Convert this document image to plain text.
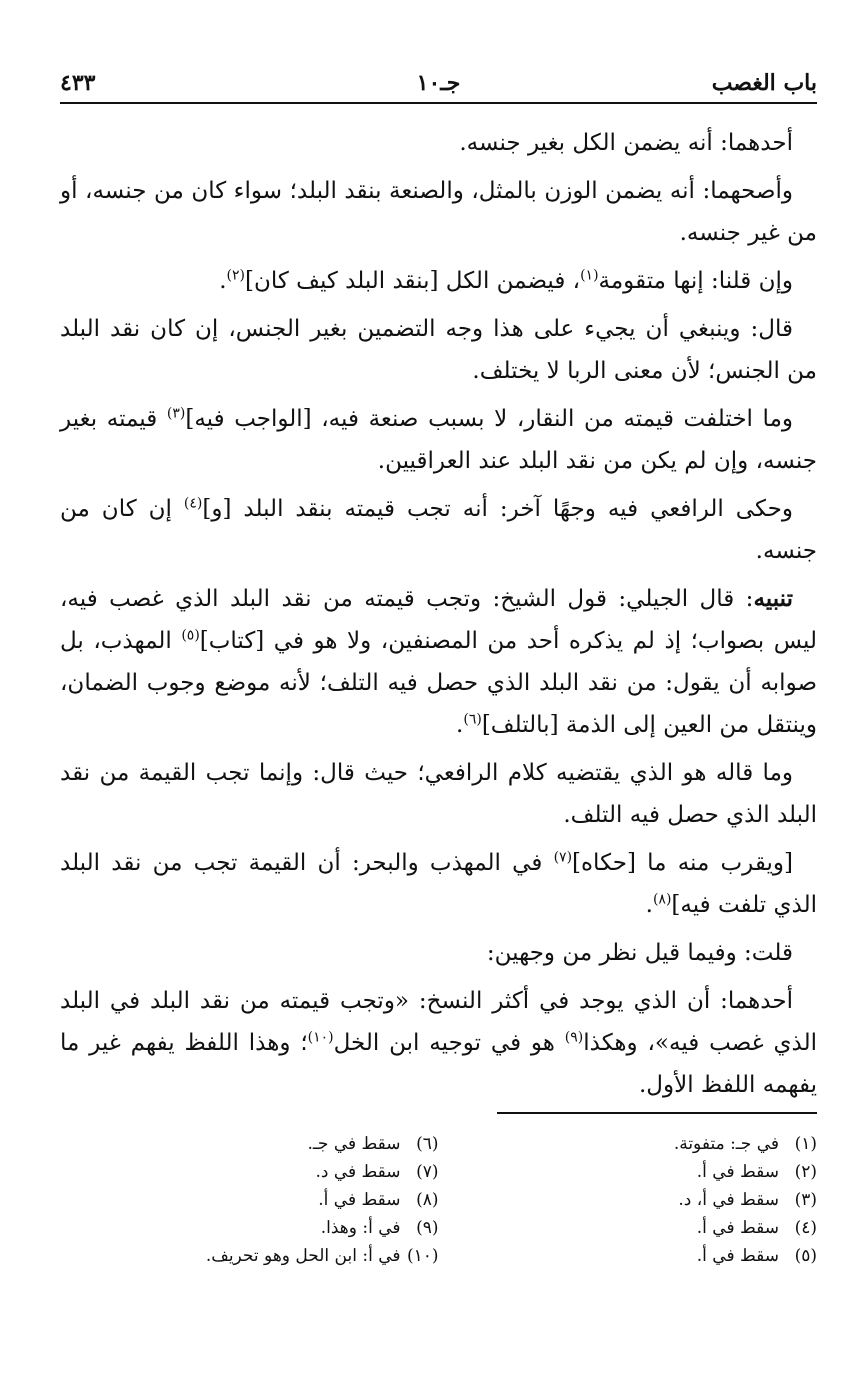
باب الغصب
جـ١٠
٤٣٣

أحدهما: أنه يضمن الكل بغير جنسه.

وأصحهما: أنه يضمن الوزن بالمثل، والصنعة بنقد البلد؛ سواء كان من جنسه، أو من غير جنسه.

وإن قلنا: إنها متقومة$^{(١)}$، فيضمن الكل [بنقد البلد كيف كان]$^{(٢)}$.

قال: وينبغي أن يجيء على هذا وجه التضمين بغير الجنس، إن كان نقد البلد من الجنس؛ لأن معنى الربا لا يختلف.

وما اختلفت قيمته من النقار، لا بسبب صنعة فيه، [الواجب فيه]$^{(٣)}$ قيمته بغير جنسه، وإن لم يكن من نقد البلد عند العراقيين.

وحكى الرافعي فيه وجهًا آخر: أنه تجب قيمته بنقد البلد [و]$^{(٤)}$ إن كان من جنسه.

تنبيه: قال الجيلي: قول الشيخ: وتجب قيمته من نقد البلد الذي غصب فيه، ليس بصواب؛ إذ لم يذكره أحد من المصنفين، ولا هو في [كتاب]$^{(٥)}$ المهذب، بل صوابه أن يقول: من نقد البلد الذي حصل فيه التلف؛ لأنه موضع وجوب الضمان، وينتقل من العين إلى الذمة [بالتلف]$^{(٦)}$.

وما قاله هو الذي يقتضيه كلام الرافعي؛ حيث قال: وإنما تجب القيمة من نقد البلد الذي حصل فيه التلف.

[ويقرب منه ما [حكاه]$^{(٧)}$ في المهذب والبحر: أن القيمة تجب من نقد البلد الذي تلفت فيه]$^{(٨)}$.

قلت: وفيما قيل نظر من وجهين:

أحدهما: أن الذي يوجد في أكثر النسخ: «وتجب قيمته من نقد البلد في البلد الذي غصب فيه»، وهكذا$^{(٩)}$ هو في توجيه ابن الخل$^{(١٠)}$؛ وهذا اللفظ يفهم غير ما يفهمه اللفظ الأول.

(١)
في جـ: متفوتة.
(٢)
سقط في أ.
(٣)
سقط في أ، د.
(٤)
سقط في أ.
(٥)
سقط في أ.
(٦)
سقط في جـ.
(٧)
سقط في د.
(٨)
سقط في أ.
(٩)
في أ: وهذا.
(١٠)
في أ: ابن الحل وهو تحريف.
